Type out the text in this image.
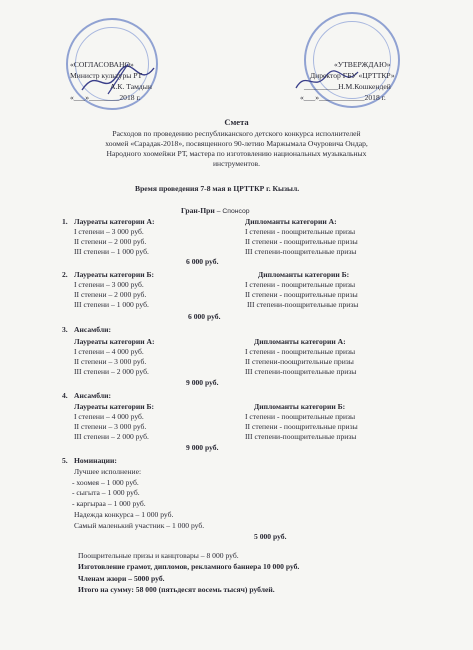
«СОГЛАСОВАНО»
Министр культуры РТ
А.К. Тамдын
«___»________2018 г.
«УТВЕРЖДАЮ»
Директор ГБУ «ЦРТТКР»
_________Н.М.Кошкендей
«___»____________2018 г.
Смета
Расходов по проведению республиканского детского конкурса исполнителей
хоомей «Сарадак-2018», посвященного 90-летию Маржымала Очуровича Ондар,
Народного хоомейжи РТ, мастера по изготовлению национальных музыкальных
инструментов.
Время проведения 7-8 мая в ЦРТТКР г. Кызыл.
Гран-При – Спонсор
1. Лауреаты категории А:
I степени – 3 000 руб.
II степени – 2 000 руб.
III степени – 1 000 руб.
Дипломанты категории А:
I степени - поощрительные призы
II степени - поощрительные призы
III степени-поощрительные призы
6 000 руб.
2. Лауреаты категории Б:
I степени – 3 000 руб.
II степени – 2 000 руб.
III степени – 1 000 руб.
Дипломанты категории Б:
I степени - поощрительные призы
II степени - поощрительные призы
III степени-поощрительные призы
6 000 руб.
3. Ансамбли:
Лауреаты категории А:
I степени – 4 000 руб.
II степени – 3 000 руб.
III степени – 2 000 руб.
Дипломанты категории А:
I степени - поощрительные призы
II степени-поощрительные призы
III степени-поощрительные призы
9 000 руб.
4. Ансамбли:
Лауреаты категории Б:
I степени – 4 000 руб.
II степени – 3 000 руб.
III степени – 2 000 руб.
Дипломанты категории Б:
I степени - поощрительные призы
II степени - поощрительные призы
III степени-поощрительные призы
9 000 руб.
5. Номинации:
Лучшее исполнение:
- хоомея – 1 000 руб.
- сыгыта – 1 000 руб.
- каргыраа – 1 000 руб.
Надежда конкурса – 1 000 руб.
Самый маленький участник – 1 000 руб.
5 000 руб.
Поощрительные призы и канцтовары – 8 000 руб.
Изготовление грамот, дипломов, рекламного баннера 10 000 руб.
Членам жюри – 5000 руб.
Итого на сумму: 58 000 (пятьдесят восемь тысяч) рублей.
